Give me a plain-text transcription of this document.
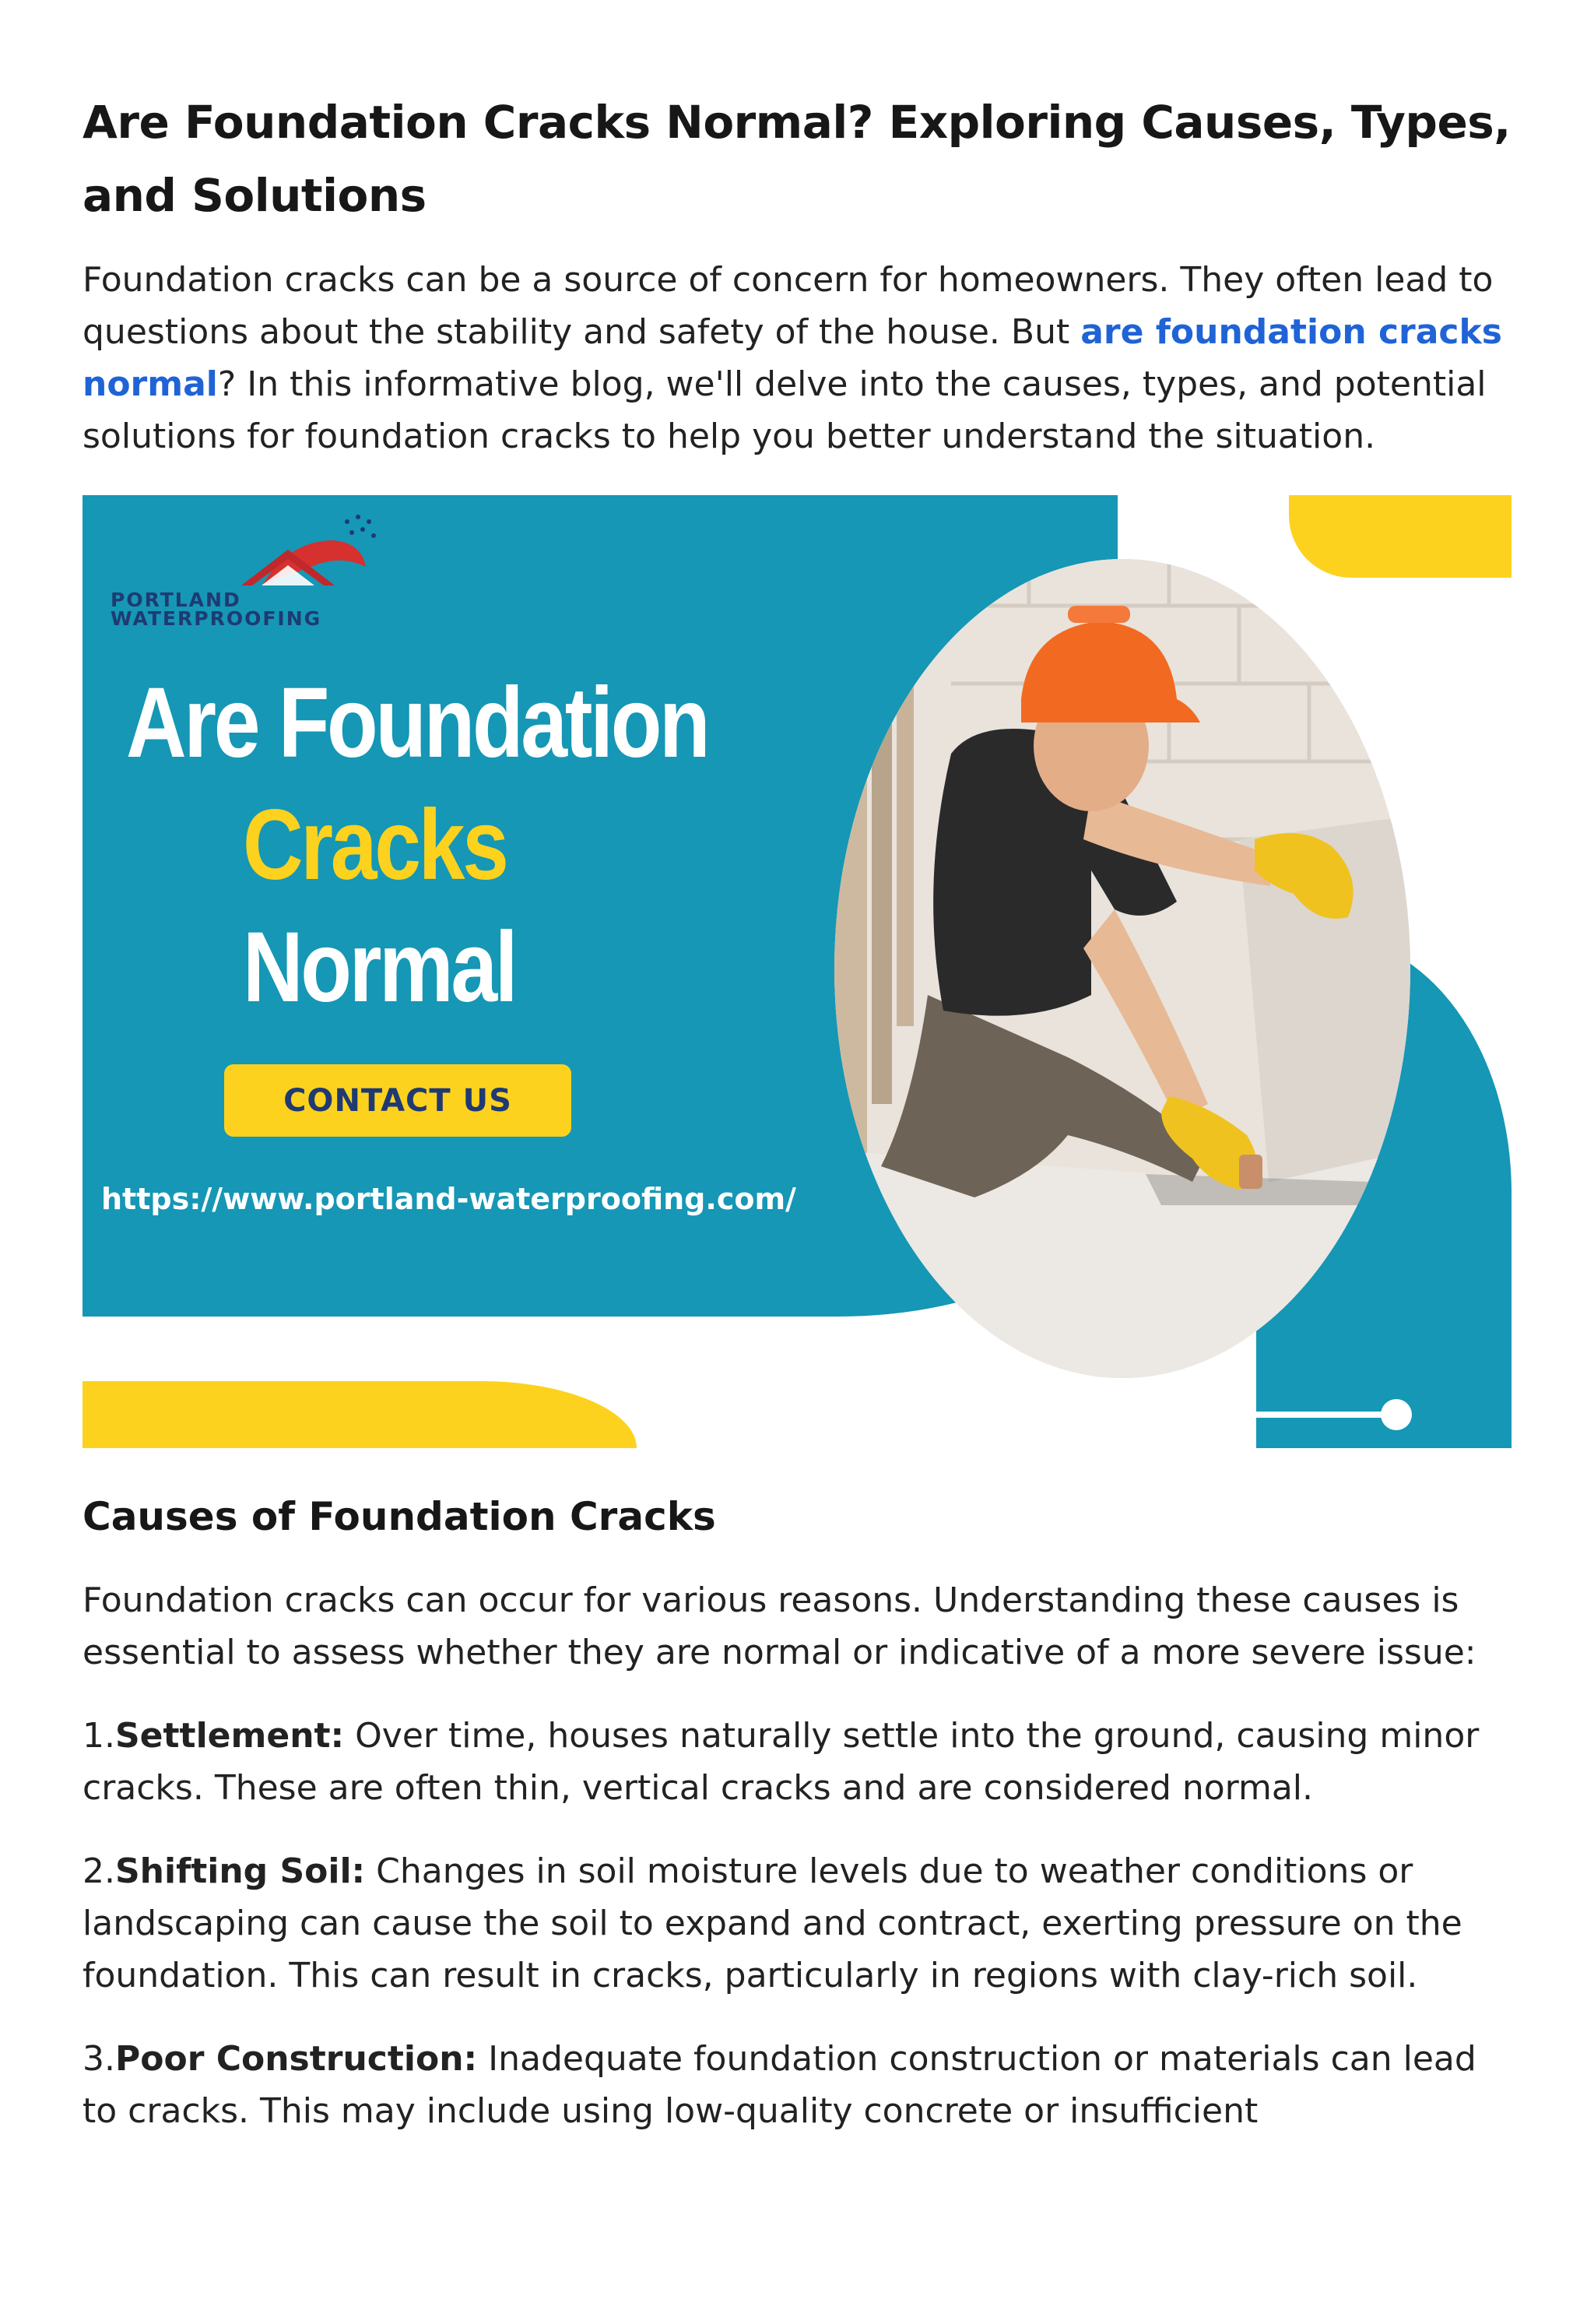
Are Foundation Cracks Normal? Exploring Causes, Types, and Solutions

Foundation cracks can be a source of concern for homeowners. They often lead to questions about the stability and safety of the house. But are foundation cracks normal? In this informative blog, we'll delve into the causes, types, and potential solutions for foundation cracks to help you better understand the situation.

PORTLAND
WATERPROOFING
Are Foundation
Cracks
Normal
CONTACT US
https://www.portland-waterproofing.com/
Causes of Foundation Cracks

Foundation cracks can occur for various reasons. Understanding these causes is essential to assess whether they are normal or indicative of a more severe issue:

1.Settlement: Over time, houses naturally settle into the ground, causing minor cracks. These are often thin, vertical cracks and are considered normal.

2.Shifting Soil: Changes in soil moisture levels due to weather conditions or landscaping can cause the soil to expand and contract, exerting pressure on the foundation. This can result in cracks, particularly in regions with clay-rich soil.

3.Poor Construction: Inadequate foundation construction or materials can lead to cracks. This may include using low-quality concrete or insufficient
